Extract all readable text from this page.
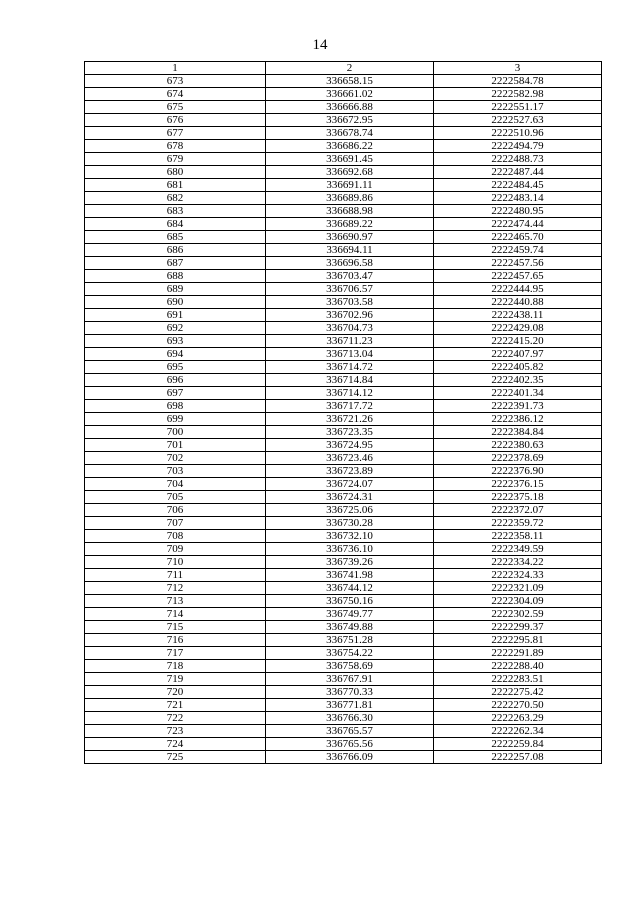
14
1	2	3
673	336658.15	2222584.78
674	336661.02	2222582.98
675	336666.88	2222551.17
676	336672.95	2222527.63
677	336678.74	2222510.96
678	336686.22	2222494.79
679	336691.45	2222488.73
680	336692.68	2222487.44
681	336691.11	2222484.45
682	336689.86	2222483.14
683	336688.98	2222480.95
684	336689.22	2222474.44
685	336690.97	2222465.70
686	336694.11	2222459.74
687	336696.58	2222457.56
688	336703.47	2222457.65
689	336706.57	2222444.95
690	336703.58	2222440.88
691	336702.96	2222438.11
692	336704.73	2222429.08
693	336711.23	2222415.20
694	336713.04	2222407.97
695	336714.72	2222405.82
696	336714.84	2222402.35
697	336714.12	2222401.34
698	336717.72	2222391.73
699	336721.26	2222386.12
700	336723.35	2222384.84
701	336724.95	2222380.63
702	336723.46	2222378.69
703	336723.89	2222376.90
704	336724.07	2222376.15
705	336724.31	2222375.18
706	336725.06	2222372.07
707	336730.28	2222359.72
708	336732.10	2222358.11
709	336736.10	2222349.59
710	336739.26	2222334.22
711	336741.98	2222324.33
712	336744.12	2222321.09
713	336750.16	2222304.09
714	336749.77	2222302.59
715	336749.88	2222299.37
716	336751.28	2222295.81
717	336754.22	2222291.89
718	336758.69	2222288.40
719	336767.91	2222283.51
720	336770.33	2222275.42
721	336771.81	2222270.50
722	336766.30	2222263.29
723	336765.57	2222262.34
724	336765.56	2222259.84
725	336766.09	2222257.08
